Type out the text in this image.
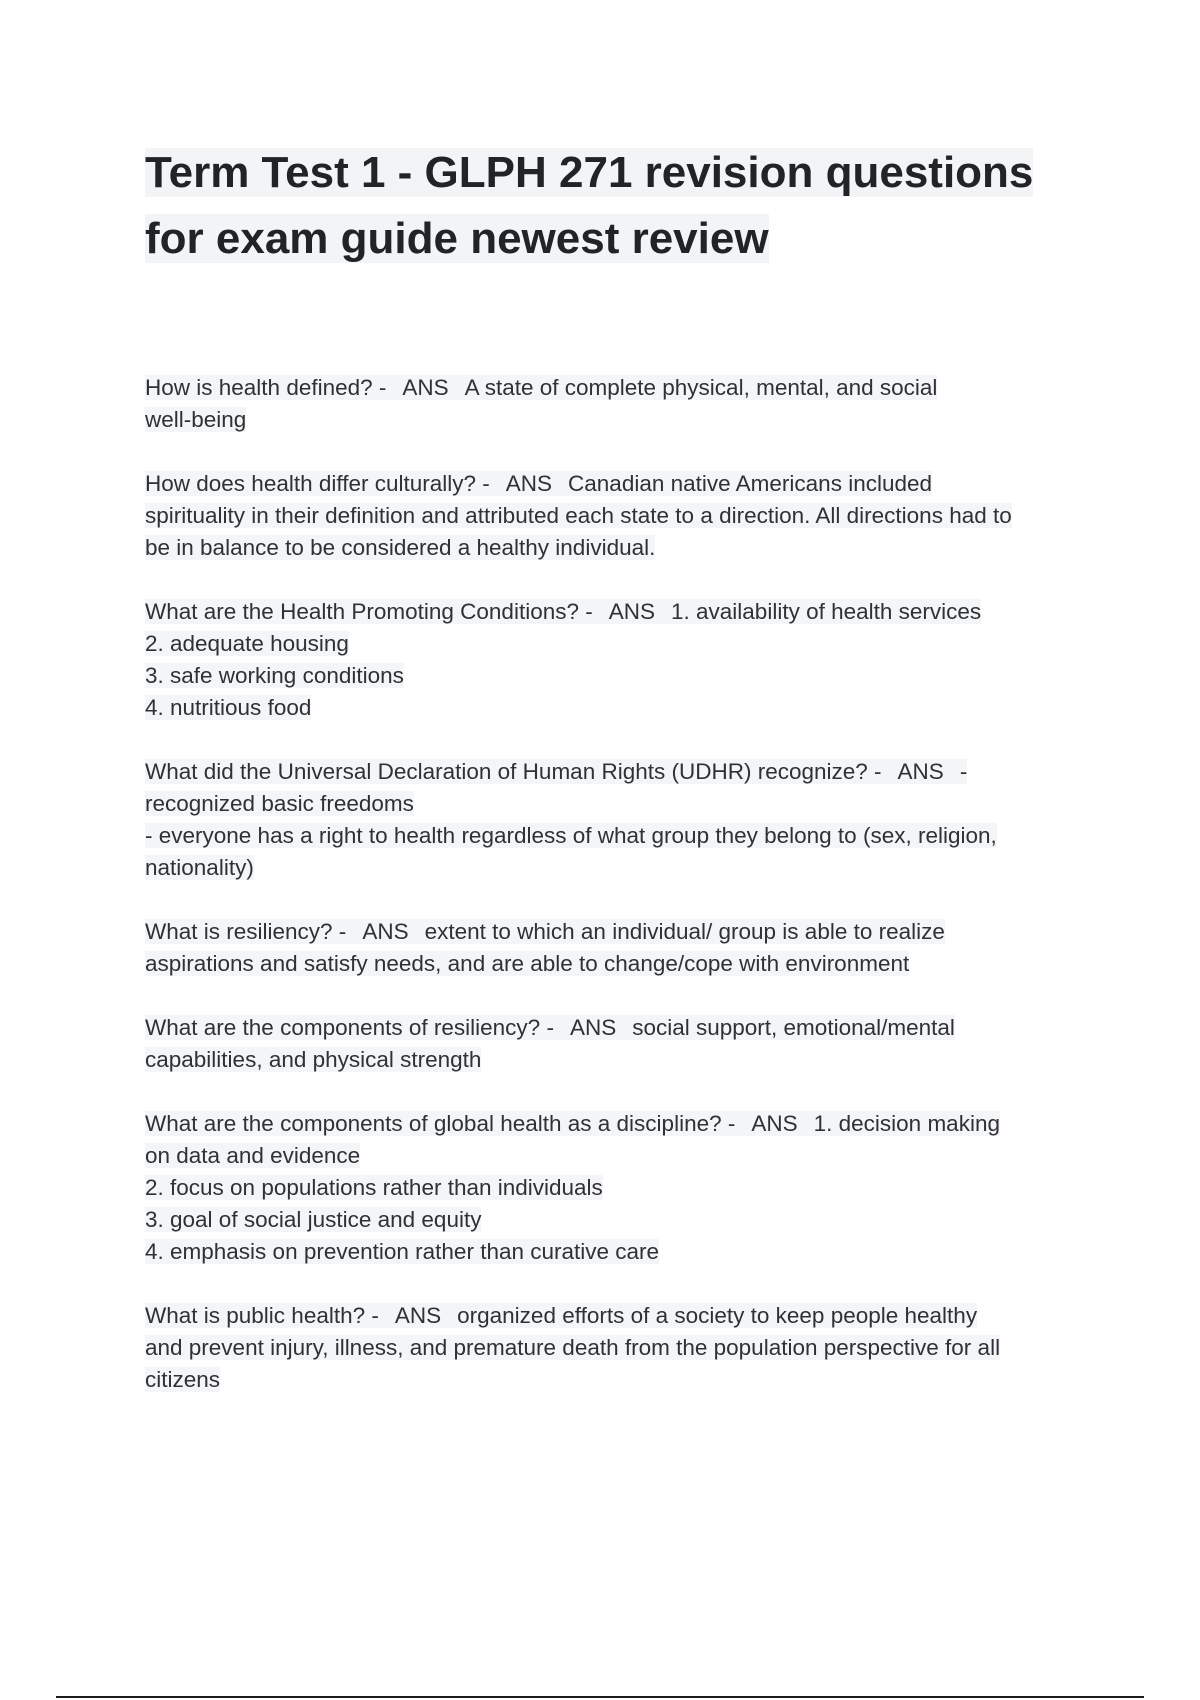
Term Test 1 - GLPH 271 revision questions
for exam guide newest review
How is health defined? - ANS A state of complete physical, mental, and social
well-being
How does health differ culturally? - ANS Canadian native Americans included
spirituality in their definition and attributed each state to a direction. All directions had to
be in balance to be considered a healthy individual.
What are the Health Promoting Conditions? - ANS 1. availability of health services
2. adequate housing
3. safe working conditions
4. nutritious food
What did the Universal Declaration of Human Rights (UDHR) recognize? - ANS -
recognized basic freedoms
- everyone has a right to health regardless of what group they belong to (sex, religion,
nationality)
What is resiliency? - ANS extent to which an individual/ group is able to realize
aspirations and satisfy needs, and are able to change/cope with environment
What are the components of resiliency? - ANS social support, emotional/mental
capabilities, and physical strength
What are the components of global health as a discipline? - ANS 1. decision making
on data and evidence
2. focus on populations rather than individuals
3. goal of social justice and equity
4. emphasis on prevention rather than curative care
What is public health? - ANS organized efforts of a society to keep people healthy
and prevent injury, illness, and premature death from the population perspective for all
citizens
